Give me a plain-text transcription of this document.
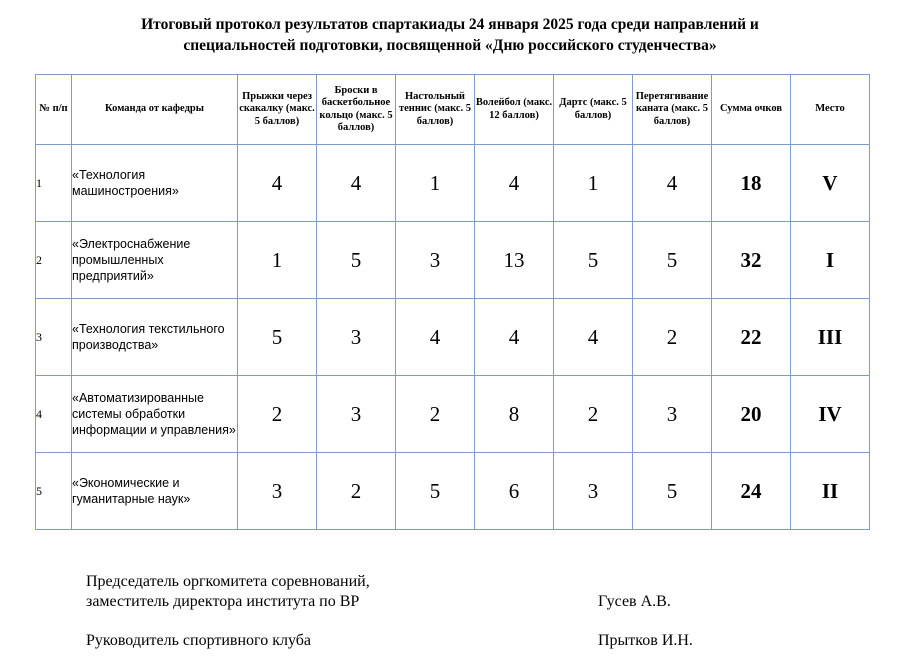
Итоговый протокол результатов спартакиады 24 января 2025 года среди направлений и
специальностей подготовки, посвященной «Дню российского студенчества»
№ п/п	Команда от кафедры	Прыжки через скакалку (макс. 5 баллов)	Броски в баскетбольное кольцо (макс. 5 баллов)	Настольный теннис (макс. 5 баллов)	Волейбол (макс. 12 баллов)	Дартс (макс. 5 баллов)	Перетягивание каната (макс. 5 баллов)	Сумма очков	Место
1	«Технология машиностроения»	4	4	1	4	1	4	18	V
2	«Электроснабжение промышленных предприятий»	1	5	3	13	5	5	32	I
3	«Технология текстильного производства»	5	3	4	4	4	2	22	III
4	«Автоматизированные системы обработки информации и управления»	2	3	2	8	2	3	20	IV
5	«Экономические и гуманитарные наук»	3	2	5	6	3	5	24	II
Председатель оргкомитета соревнований,
заместитель директора института по ВР	Гусев А.В.
Руководитель спортивного клуба	Прытков И.Н.
